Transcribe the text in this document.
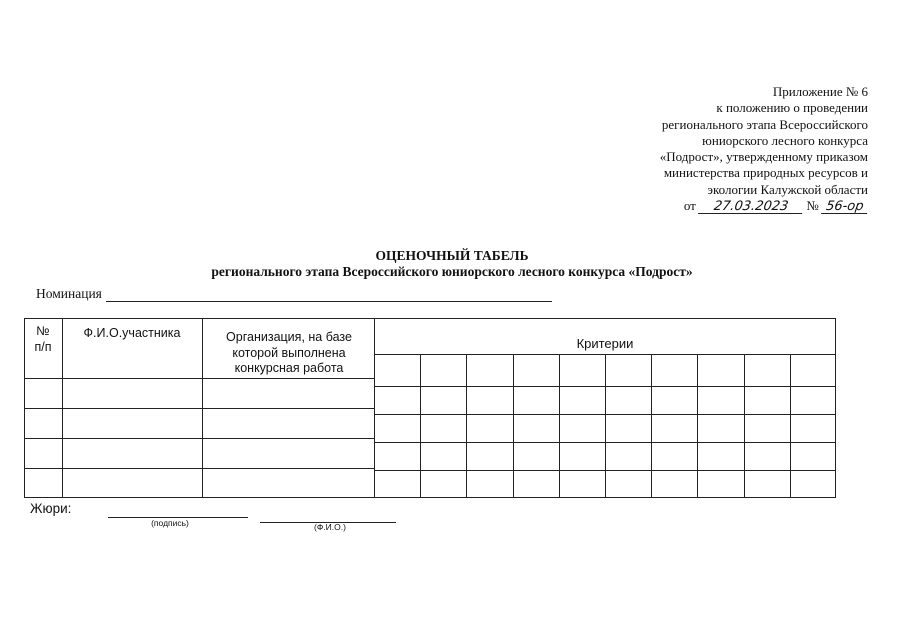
Приложение № 6
к положению о проведении
регионального этапа Всероссийского
юниорского лесного конкурса
«Подрост», утвержденному приказом
министерства природных ресурсов и
экологии Калужской области
от 27.03.2023 № 56-ор
ОЦЕНОЧНЫЙ ТАБЕЛЬ
регионального этапа Всероссийского юниорского лесного конкурса «Подрост»
Номинация
№ п/п
Ф.И.О.участника	Организация, на базе которой выполнена конкурсная работа
Критерии
Жюри:
(подпись)	(Ф.И.О.)
